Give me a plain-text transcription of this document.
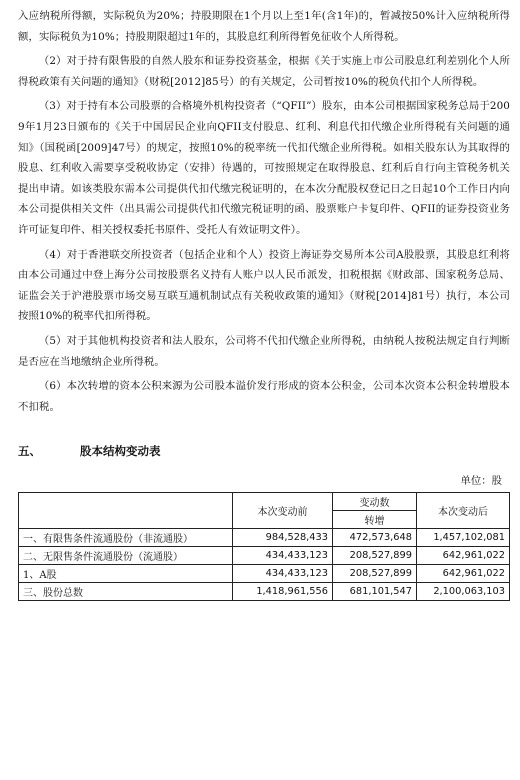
入应纳税所得额，实际税负为20%；持股期限在1个月以上至1年(含1年)的，暂减按50%计入应纳税所得额，实际税负为10%；持股期限超过1年的，其股息红利所得暂免征收个人所得税。

（2）对于持有限售股的自然人股东和证券投资基金，根据《关于实施上市公司股息红利差别化个人所得税政策有关问题的通知》（财税[2012]85号）的有关规定，公司暂按10%的税负代扣个人所得税。

（3）对于持有本公司股票的合格境外机构投资者（“QFII”）股东，由本公司根据国家税务总局于2009年1月23日颁布的《关于中国居民企业向QFII支付股息、红利、利息代扣代缴企业所得税有关问题的通知》（国税函[2009]47号）的规定，按照10%的税率统一代扣代缴企业所得税。如相关股东认为其取得的股息、红利收入需要享受税收协定（安排）待遇的，可按照规定在取得股息、红利后自行向主管税务机关提出申请。如该类股东需本公司提供代扣代缴完税证明的，在本次分配股权登记日之日起10个工作日内向本公司提供相关文件（出具需公司提供代扣代缴完税证明的函、股票账户卡复印件、QFII的证券投资业务许可证复印件、相关授权委托书原件、受托人有效证明文件）。

（4）对于香港联交所投资者（包括企业和个人）投资上海证券交易所本公司A股股票，其股息红利将由本公司通过中登上海分公司按股票名义持有人账户以人民币派发，扣税根据《财政部、国家税务总局、证监会关于沪港股票市场交易互联互通机制试点有关税收政策的通知》（财税[2014]81号）执行，本公司按照10%的税率代扣所得税。

（5）对于其他机构投资者和法人股东，公司将不代扣代缴企业所得税，由纳税人按税法规定自行判断是否应在当地缴纳企业所得税。

（6）本次转增的资本公积来源为公司股本溢价发行形成的资本公积金，公司本次资本公积金转增股本不扣税。

五、	股本结构变动表
单位：股
	本次变动前	变动数	本次变动后
		转增	
一、有限售条件流通股份（非流通股）	984,528,433	472,573,648	1,457,102,081
二、无限售条件流通股份（流通股）	434,433,123	208,527,899	642,961,022
1、A股	434,433,123	208,527,899	642,961,022
三、股份总数	1,418,961,556	681,101,547	2,100,063,103
